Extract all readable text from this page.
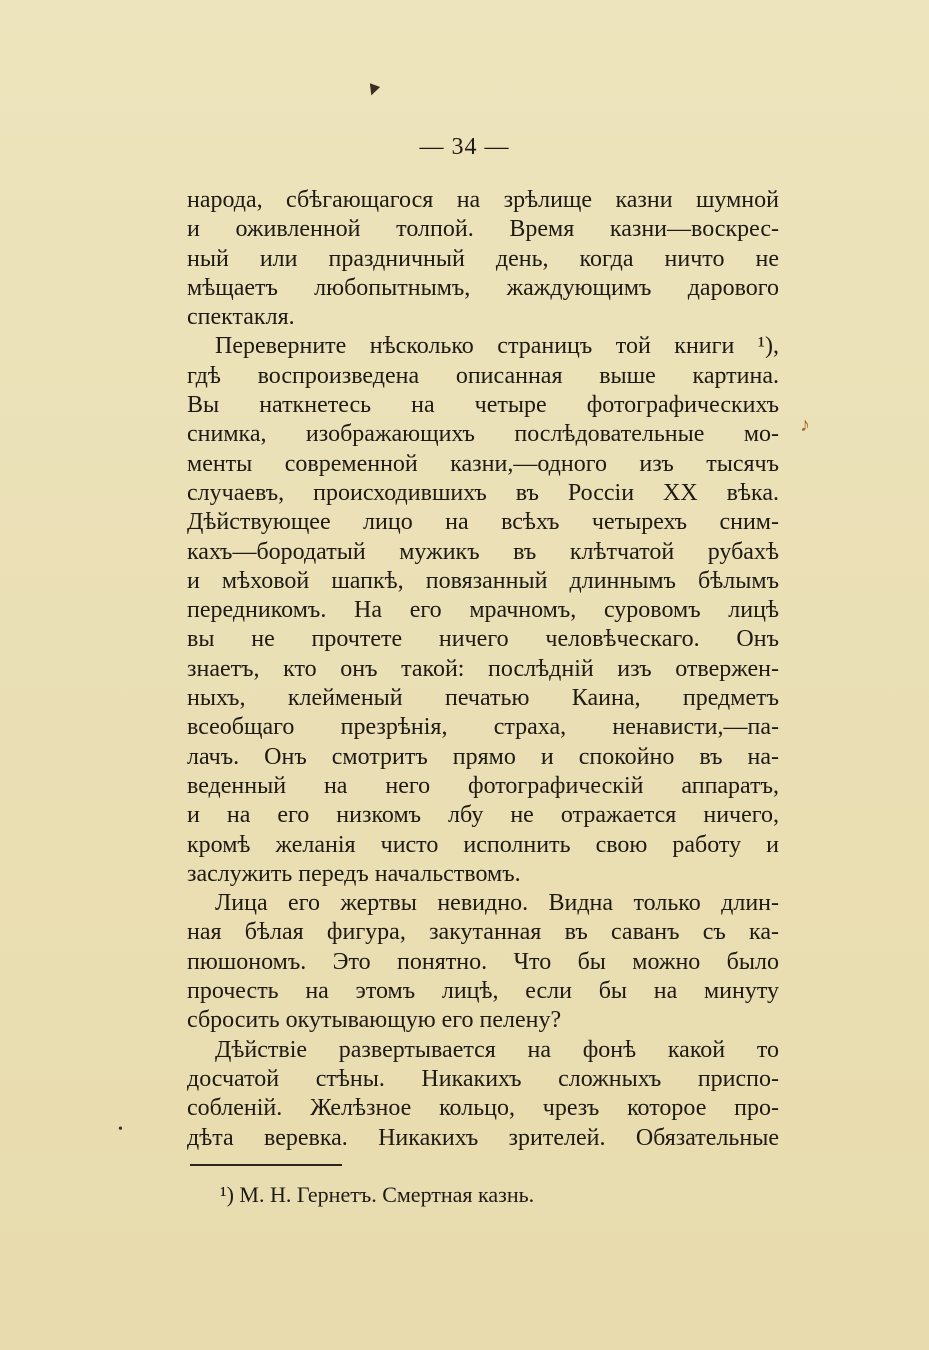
▾
— 34 —
народа, сбѣгающагося на зрѣлище казни шумной
и оживленной толпой. Время казни—воскрес-
ный или праздничный день, когда ничто не
мѣщаетъ любопытнымъ, жаждующимъ дарового
спектакля.
Переверните нѣсколько страницъ той книги ¹),
гдѣ воспроизведена описанная выше картина.
Вы наткнетесь на четыре фотографическихъ
снимка, изображающихъ послѣдовательные мо-
менты современной казни,—одного изъ тысячъ
случаевъ, происходившихъ въ Россіи XX вѣка.
Дѣйствующее лицо на всѣхъ четырехъ сним-
кахъ—бородатый мужикъ въ клѣтчатой рубахѣ
и мѣховой шапкѣ, повязанный длиннымъ бѣлымъ
передникомъ. На его мрачномъ, суровомъ лицѣ
вы не прочтете ничего человѣческаго. Онъ
знаетъ, кто онъ такой: послѣдній изъ отвержен-
ныхъ, клейменый печатью Каина, предметъ
всеобщаго презрѣнія, страха, ненависти,—па-
лачъ. Онъ смотритъ прямо и спокойно въ на-
веденный на него фотографическій аппаратъ,
и на его низкомъ лбу не отражается ничего,
кромѣ желанія чисто исполнить свою работу и
заслужить передъ начальствомъ.
Лица его жертвы невидно. Видна только длин-
ная бѣлая фигура, закутанная въ саванъ съ ка-
пюшономъ. Это понятно. Что бы можно было
прочесть на этомъ лицѣ, если бы на минуту
сбросить окутывающую его пелену?
Дѣйствіе развертывается на фонѣ какой то
досчатой стѣны. Никакихъ сложныхъ приспо-
собленій. Желѣзное кольцо, чрезъ которое про-
дѣта веревка. Никакихъ зрителей. Обязательные
♪
•
¹) М. Н. Гернетъ. Смертная казнь.
